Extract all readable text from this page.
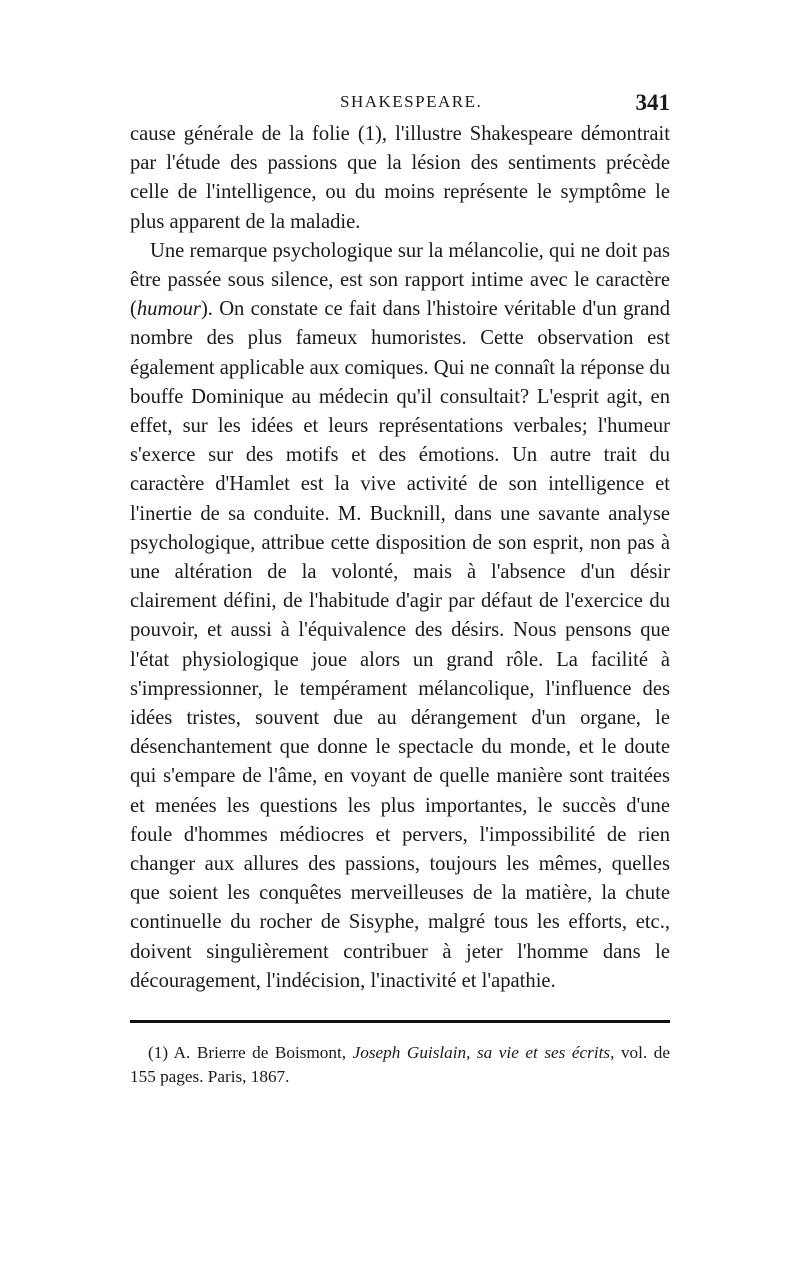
SHAKESPEARE.	341

cause générale de la folie (1), l'illustre Shakespeare démontrait par l'étude des passions que la lésion des sentiments précède celle de l'intelligence, ou du moins représente le symptôme le plus apparent de la maladie.

Une remarque psychologique sur la mélancolie, qui ne doit pas être passée sous silence, est son rapport intime avec le caractère (humour). On constate ce fait dans l'histoire véritable d'un grand nombre des plus fameux humoristes. Cette observation est également applicable aux comiques. Qui ne connaît la réponse du bouffe Dominique au médecin qu'il consultait? L'esprit agit, en effet, sur les idées et leurs représentations verbales; l'humeur s'exerce sur des motifs et des émotions. Un autre trait du caractère d'Hamlet est la vive activité de son intelligence et l'inertie de sa conduite. M. Bucknill, dans une savante analyse psychologique, attribue cette disposition de son esprit, non pas à une altération de la volonté, mais à l'absence d'un désir clairement défini, de l'habitude d'agir par défaut de l'exercice du pouvoir, et aussi à l'équivalence des désirs. Nous pensons que l'état physiologique joue alors un grand rôle. La facilité à s'impressionner, le tempérament mélancolique, l'influence des idées tristes, souvent due au dérangement d'un organe, le désenchantement que donne le spectacle du monde, et le doute qui s'empare de l'âme, en voyant de quelle manière sont traitées et menées les questions les plus importantes, le succès d'une foule d'hommes médiocres et pervers, l'impossibilité de rien changer aux allures des passions, toujours les mêmes, quelles que soient les conquêtes merveilleuses de la matière, la chute continuelle du rocher de Sisyphe, malgré tous les efforts, etc., doivent singulièrement contribuer à jeter l'homme dans le découragement, l'indécision, l'inactivité et l'apathie.

(1) A. Brierre de Boismont, Joseph Guislain, sa vie et ses écrits, vol. de 155 pages. Paris, 1867.
